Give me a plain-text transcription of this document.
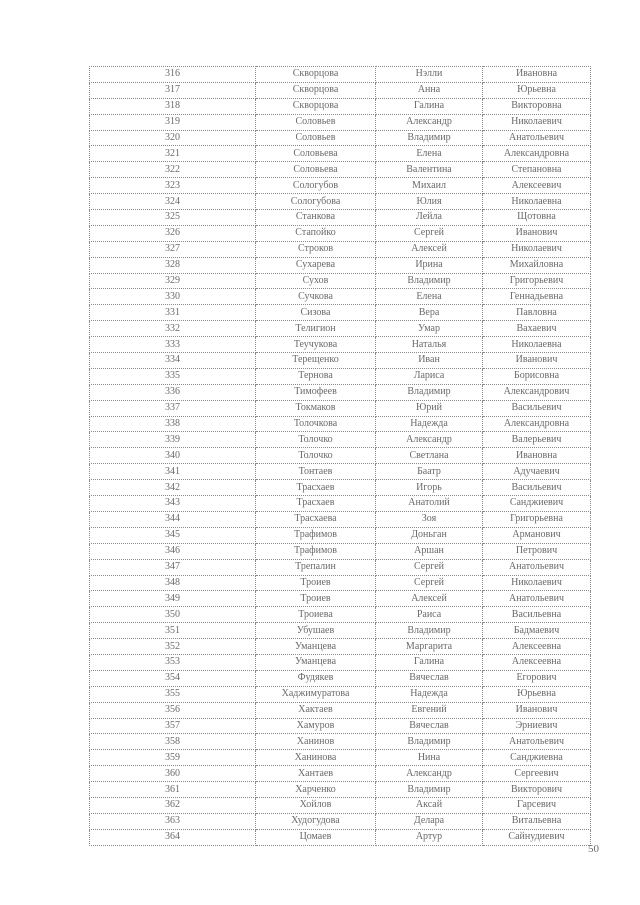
316	Скворцова	Нэлли	Ивановна
317	Скворцова	Анна	Юрьевна
318	Скворцова	Галина	Викторовна
319	Соловьев	Александр	Николаевич
320	Соловьев	Владимир	Анатольевич
321	Соловьева	Елена	Александровна
322	Соловьева	Валентина	Степановна
323	Сологубов	Михаил	Алексеевич
324	Сологубова	Юлия	Николаевна
325	Станкова	Лейла	Щотовна
326	Стапойко	Сергей	Иванович
327	Строков	Алексей	Николаевич
328	Сухарева	Ирина	Михайловна
329	Сухов	Владимир	Григорьевич
330	Сучкова	Елена	Геннадьевна
331	Сизова	Вера	Павловна
332	Телигион	Умар	Вахаевич
333	Теучукова	Наталья	Николаевна
334	Терещенко	Иван	Иванович
335	Тернова	Лариса	Борисовна
336	Тимофеев	Владимир	Александрович
337	Токмаков	Юрий	Васильевич
338	Толочкова	Надежда	Александровна
339	Толочко	Александр	Валерьевич
340	Толочко	Светлана	Ивановна
341	Тонтаев	Баатр	Адучаевич
342	Трасхаев	Игорь	Васильевич
343	Трасхаев	Анатолий	Санджиевич
344	Трасхаева	Зоя	Григорьевна
345	Трафимов	Доньган	Арманович
346	Трафимов	Аршан	Петрович
347	Трепалин	Сергей	Анатольевич
348	Троиев	Сергей	Николаевич
349	Троиев	Алексей	Анатольевич
350	Троиева	Раиса	Васильевна
351	Убушаев	Владимир	Бадмаевич
352	Уманцева	Маргарита	Алексеевна
353	Уманцева	Галина	Алексеевна
354	Фудякев	Вячеслав	Егорович
355	Хаджимуратова	Надежда	Юрьевна
356	Хактаев	Евгений	Иванович
357	Хамуров	Вячеслав	Эрниевич
358	Ханинов	Владимир	Анатольевич
359	Ханинова	Нина	Санджиевна
360	Хантаев	Александр	Сергеевич
361	Харченко	Владимир	Викторович
362	Хойлов	Аксай	Гарсевич
363	Худогудова	Делара	Витальевна
364	Цомаев	Артур	Сайнудиевич
50
